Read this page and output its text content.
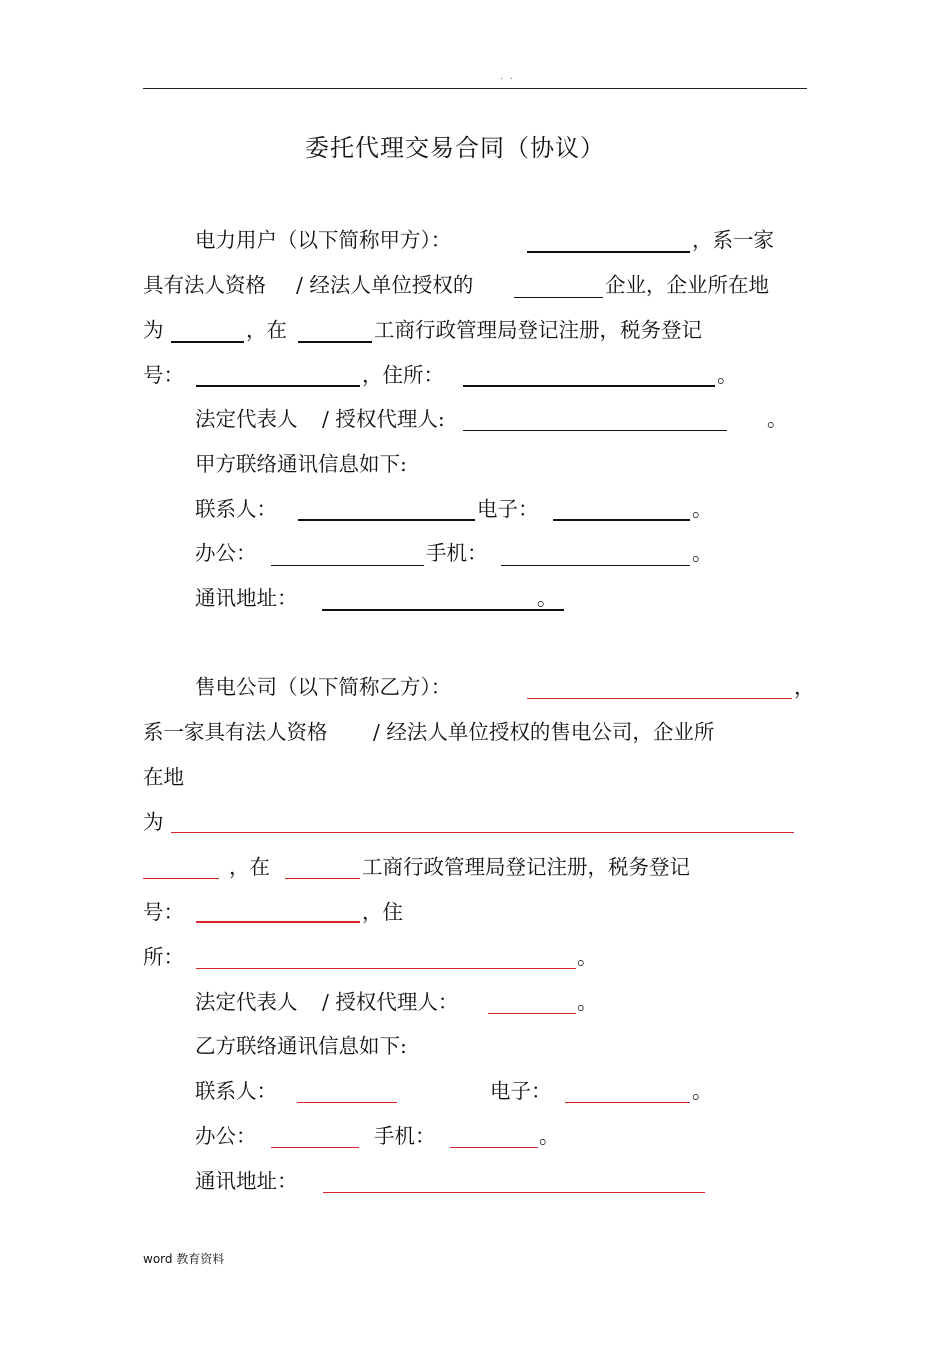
. .
委托代理交易合同（协议）
电力用户（以下简称甲方）：	，系一家
具有法人资格 / 经法人单位授权的	企业，企业所在地
为	，在	工商行政管理局登记注册，税务登记
号：	，住所：	。
法定代表人 / 授权代理人:	。
甲方联络通讯信息如下:
联系人：	电子：	。
办公：	手机：	。
通讯地址：	。
售电公司（以下简称乙方）：	，
系一家具有法人资格 / 经法人单位授权的售电公司，企业所
在地
为
，在	工商行政管理局登记注册，税务登记
号：	，住
所：	。
法定代表人 / 授权代理人：	。
乙方联络通讯信息如下:
联系人：	电子：	。
办公：	手机：	。
通讯地址：
word 教育资料
